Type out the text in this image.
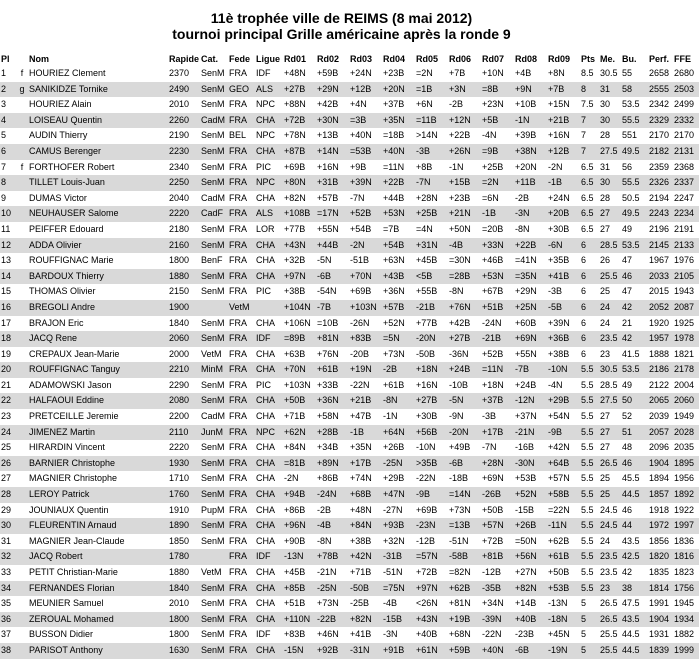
11è trophée ville de REIMS (8 mai 2012)
tournoi principal Grille américaine après la ronde 9
Pl		Nom	Rapide	Cat.	Fede	Ligue	Rd01	Rd02	Rd03	Rd04	Rd05	Rd06	Rd07	Rd08	Rd09	Pts	Me.	Bu.	Perf.	FFE
1	f	HOURIEZ Clement	2370	SenM	FRA	IDF	+48N	+59B	+24N	+23B	=2N	+7B	+10N	+4B	+8N	8.5	30.5	55	2658	2680
2	g	SANIKIDZE Tornike	2490	SenM	GEO	ALS	+27B	+29N	+12B	+20N	=1B	+3N	=8B	+9N	+7B	8	31	58	2555	2503
3		HOURIEZ Alain	2010	SenM	FRA	NPC	+88N	+42B	+4N	+37B	+6N	-2B	+23N	+10B	+15N	7.5	30	53.5	2342	2499
4		LOISEAU Quentin	2260	CadM	FRA	CHA	+72B	+30N	=3B	+35N	=11B	+12N	+5B	-1N	+21B	7	30	55.5	2329	2332
5		AUDIN Thierry	2190	SenM	BEL	NPC	+78N	+13B	+40N	=18B	>14N	+22B	-4N	+39B	+16N	7	28	551	2170	2170
6		CAMUS Berenger	2230	SenM	FRA	CHA	+87B	+14N	=53B	+40N	-3B	+26N	=9B	+38N	+12B	7	27.5	49.5	2182	2131
7	f	FORTHOFER Robert	2340	SenM	FRA	PIC	+69B	+16N	+9B	=11N	+8B	-1N	+25B	+20N	-2N	6.5	31	56	2359	2368
8		TILLET Louis-Juan	2250	SenM	FRA	NPC	+80N	+31B	+39N	+22B	-7N	+15B	=2N	+11B	-1B	6.5	30	55.5	2326	2337
9		DUMAS Victor	2040	CadM	FRA	CHA	+82N	+57B	-7N	+44B	+28N	+23B	=6N	-2B	+24N	6.5	28	50.5	2194	2247
10		NEUHAUSER Salome	2220	CadF	FRA	ALS	+108B	=17N	+52B	+53N	+25B	+21N	-1B	-3N	+20B	6.5	27	49.5	2243	2234
11		PEIFFER Edouard	2180	SenM	FRA	LOR	+77B	+55N	+54B	=7B	=4N	+50N	=20B	-8N	+30B	6.5	27	49	2196	2191
12		ADDA Olivier	2160	SenM	FRA	CHA	+43N	+44B	-2N	+54B	+31N	-4B	+33N	+22B	-6N	6	28.5	53.5	2145	2133
13		ROUFFIGNAC Marie	1800	BenF	FRA	CHA	+32B	-5N	-51B	+63N	+45B	=30N	+46B	=41N	+35B	6	26	47	1967	1976
14		BARDOUX Thierry	1880	SenM	FRA	CHA	+97N	-6B	+70N	+43B	<5B	=28B	+53N	=35N	+41B	6	25.5	46	2033	2105
15		THOMAS Olivier	2150	SenM	FRA	PIC	+38B	-54N	+69B	+36N	+55B	-8N	+67B	+29N	-3B	6	25	47	2015	1943
16		BREGOLI Andre	1900		VetM		+104N	-7B	+103N	+57B	-21B	+76N	+51B	+25N	-5B	6	24	42	2052	2087
17		BRAJON Eric	1840	SenM	FRA	CHA	+106N	=10B	-26N	+52N	+77B	+42B	-24N	+60B	+39N	6	24	21	1920	1925
18		JACQ Rene	2060	SenM	FRA	IDF	=89B	+81N	+83B	=5N	-20N	+27B	-21B	+69N	+36B	6	23.5	42	1957	1978
19		CREPAUX Jean-Marie	2000	VetM	FRA	CHA	+63B	+76N	-20B	+73N	-50B	-36N	+52B	+55N	+38B	6	23	41.5	1888	1821
20		ROUFFIGNAC Tanguy	2210	MinM	FRA	CHA	+70N	+61B	+19N	-2B	+18N	+24B	=11N	-7B	-10N	5.5	30.5	53.5	2186	2178
21		ADAMOWSKI Jason	2290	SenM	FRA	PIC	+103N	+33B	-22N	+61B	+16N	-10B	+18N	+24B	-4N	5.5	28.5	49	2122	2004
22		HALFAOUI Eddine	2080	SenM	FRA	CHA	+50B	+36N	+21B	-8N	+27B	-5N	+37B	-12N	+29B	5.5	27.5	50	2065	2060
23		PRETCEILLE Jeremie	2200	CadM	FRA	CHA	+71B	+58N	+47B	-1N	+30B	-9N	-3B	+37N	+54N	5.5	27	52	2039	1949
24		JIMENEZ Martin	2110	JunM	FRA	NPC	+62N	+28B	-1B	+64N	+56B	-20N	+17B	-21N	-9B	5.5	27	51	2057	2028
25		HIRARDIN Vincent	2220	SenM	FRA	CHA	+84N	+34B	+35N	+26B	-10N	+49B	-7N	-16B	+42N	5.5	27	48	2096	2035
26		BARNIER Christophe	1930	SenM	FRA	CHA	=81B	+89N	+17B	-25N	>35B	-6B	+28N	-30N	+64B	5.5	26.5	46	1904	1895
27		MAGNIER Christophe	1710	SenM	FRA	CHA	-2N	+86B	+74N	+29B	-22N	-18B	+69N	+53B	+57N	5.5	25	45.5	1894	1956
28		LEROY Patrick	1760	SenM	FRA	CHA	+94B	-24N	+68B	+47N	-9B	=14N	-26B	+52N	+58B	5.5	25	44.5	1857	1892
29		JOUNIAUX Quentin	1910	PupM	FRA	CHA	+86B	-2B	+48N	-27N	+69B	+73N	+50B	-15B	=22N	5.5	24.5	46	1918	1922
30		FLEURENTIN Arnaud	1890	SenM	FRA	CHA	+96N	-4B	+84N	+93B	-23N	=13B	+57N	+26B	-11N	5.5	24.5	44	1972	1997
31		MAGNIER Jean-Claude	1850	SenM	FRA	CHA	+90B	-8N	+38B	+32N	-12B	-51N	+72B	=50N	+62B	5.5	24	43.5	1856	1836
32		JACQ Robert	1780		FRA	IDF	-13N	+78B	+42N	-31B	=57N	-58B	+81B	+56N	+61B	5.5	23.5	42.5	1820	1816
33		PETIT Christian-Marie	1880	VetM	FRA	CHA	+45B	-21N	+71B	-51N	+72B	=82N	-12B	+27N	+50B	5.5	23.5	42	1835	1823
34		FERNANDES Florian	1840	SenM	FRA	CHA	+85B	-25N	-50B	=75N	+97N	+62B	-35B	+82N	+53B	5.5	23	38	1814	1756
35		MEUNIER Samuel	2010	SenM	FRA	CHA	+51B	+73N	-25B	-4B	<26N	+81N	+34N	+14B	-13N	5	26.5	47.5	1991	1945
36		ZEROUAL Mohamed	1800	SenM	FRA	CHA	+110N	-22B	+82N	-15B	+43N	+19B	-39N	+40B	-18N	5	26.5	43.5	1904	1934
37		BUSSON Didier	1800	SenM	FRA	IDF	+83B	+46N	+41B	-3N	+40B	+68N	-22N	-23B	+45N	5	25.5	44.5	1931	1882
38		PARISOT Anthony	1630	SenM	FRA	CHA	-15N	+92B	-31N	+91B	+61N	+59B	+40N	-6B	-19N	5	25.5	44.5	1839	1999
